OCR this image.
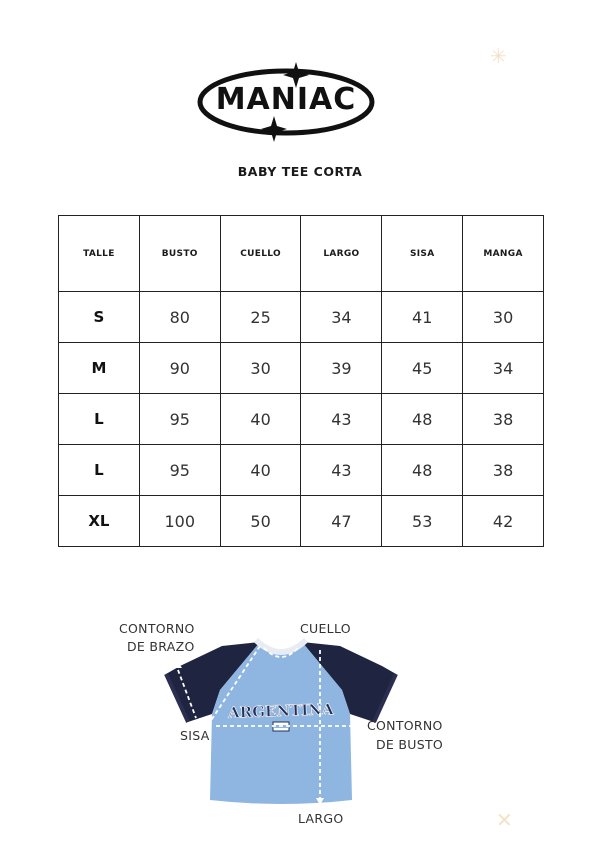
✳
✕
MANIAC
BABY TEE CORTA
TALLE	BUSTO	CUELLO	LARGO	SISA	MANGA
S	80	25	34	41	30
M	90	30	39	45	34
L	95	40	43	48	38
L	95	40	43	48	38
XL	100	50	47	53	42
ARGENTINA
CONTORNO
DE BRAZO
CUELLO
SISA
CONTORNO
DE BUSTO
LARGO
